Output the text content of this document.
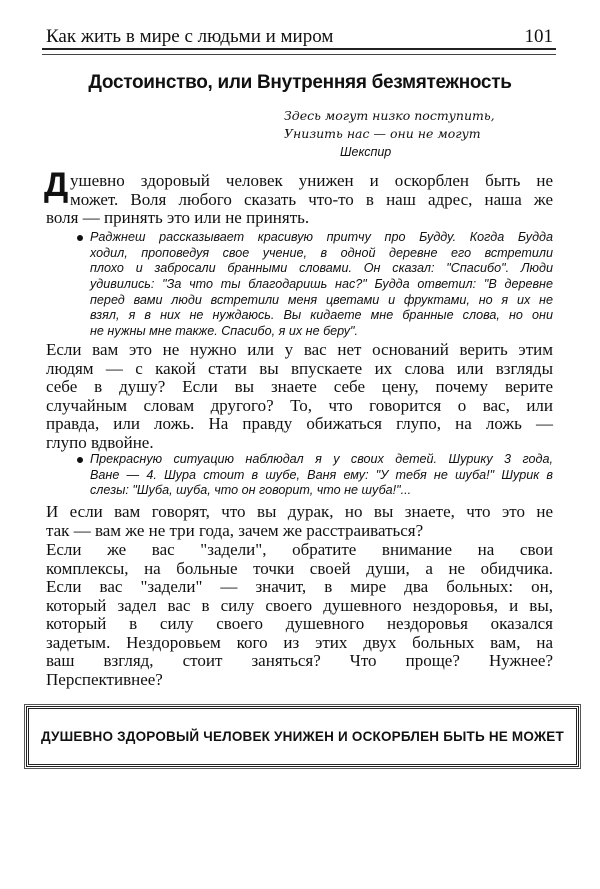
Как жить в мире с людьми и миром	101
Достоинство, или Внутренняя безмятежность
Здесь могут низко поступить,
Унизить нас — они не могут
Шекспир
Д ушевно здоровый человек унижен и оскорблен быть не
может. Воля любого сказать что-то в наш адрес, наша же
воля — принять это или не принять.
Раджнеш рассказывает красивую притчу про Будду. Когда Будда
ходил, проповедуя свое учение, в одной деревне его встретили
плохо и забросали бранными словами. Он сказал: "Спасибо". Люди
удивились: "За что ты благодаришь нас?" Будда ответил: "В деревне
перед вами люди встретили меня цветами и фруктами, но я их не
взял, я в них не нуждаюсь. Вы кидаете мне бранные слова, но они
не нужны мне также. Спасибо, я их не беру".
Если вам это не нужно или у вас нет оснований верить этим
людям — с какой стати вы впускаете их слова или взгляды
себе в душу? Если вы знаете себе цену, почему верите
случайным словам другого? То, что говорится о вас, или
правда, или ложь. На правду обижаться глупо, на ложь —
глупо вдвойне.
Прекрасную ситуацию наблюдал я у своих детей. Шурику 3 года,
Ване — 4. Шура стоит в шубе, Ваня ему: "У тебя не шуба!" Шурик в
слезы: "Шуба, шуба, что он говорит, что не шуба!"...
И если вам говорят, что вы дурак, но вы знаете, что это не
так — вам же не три года, зачем же расстраиваться?
Если же вас "задели", обратите внимание на свои
комплексы, на больные точки своей души, а не обидчика.
Если вас "задели" — значит, в мире два больных: он,
который задел вас в силу своего душевного нездоровья, и вы,
который в силу своего душевного нездоровья оказался
задетым. Нездоровьем кого из этих двух больных вам, на
ваш взгляд, стоит заняться? Что проще? Нужнее?
Перспективнее?
ДУШЕВНО ЗДОРОВЫЙ ЧЕЛОВЕК УНИЖЕН И ОСКОРБЛЕН БЫТЬ НЕ МОЖЕТ
